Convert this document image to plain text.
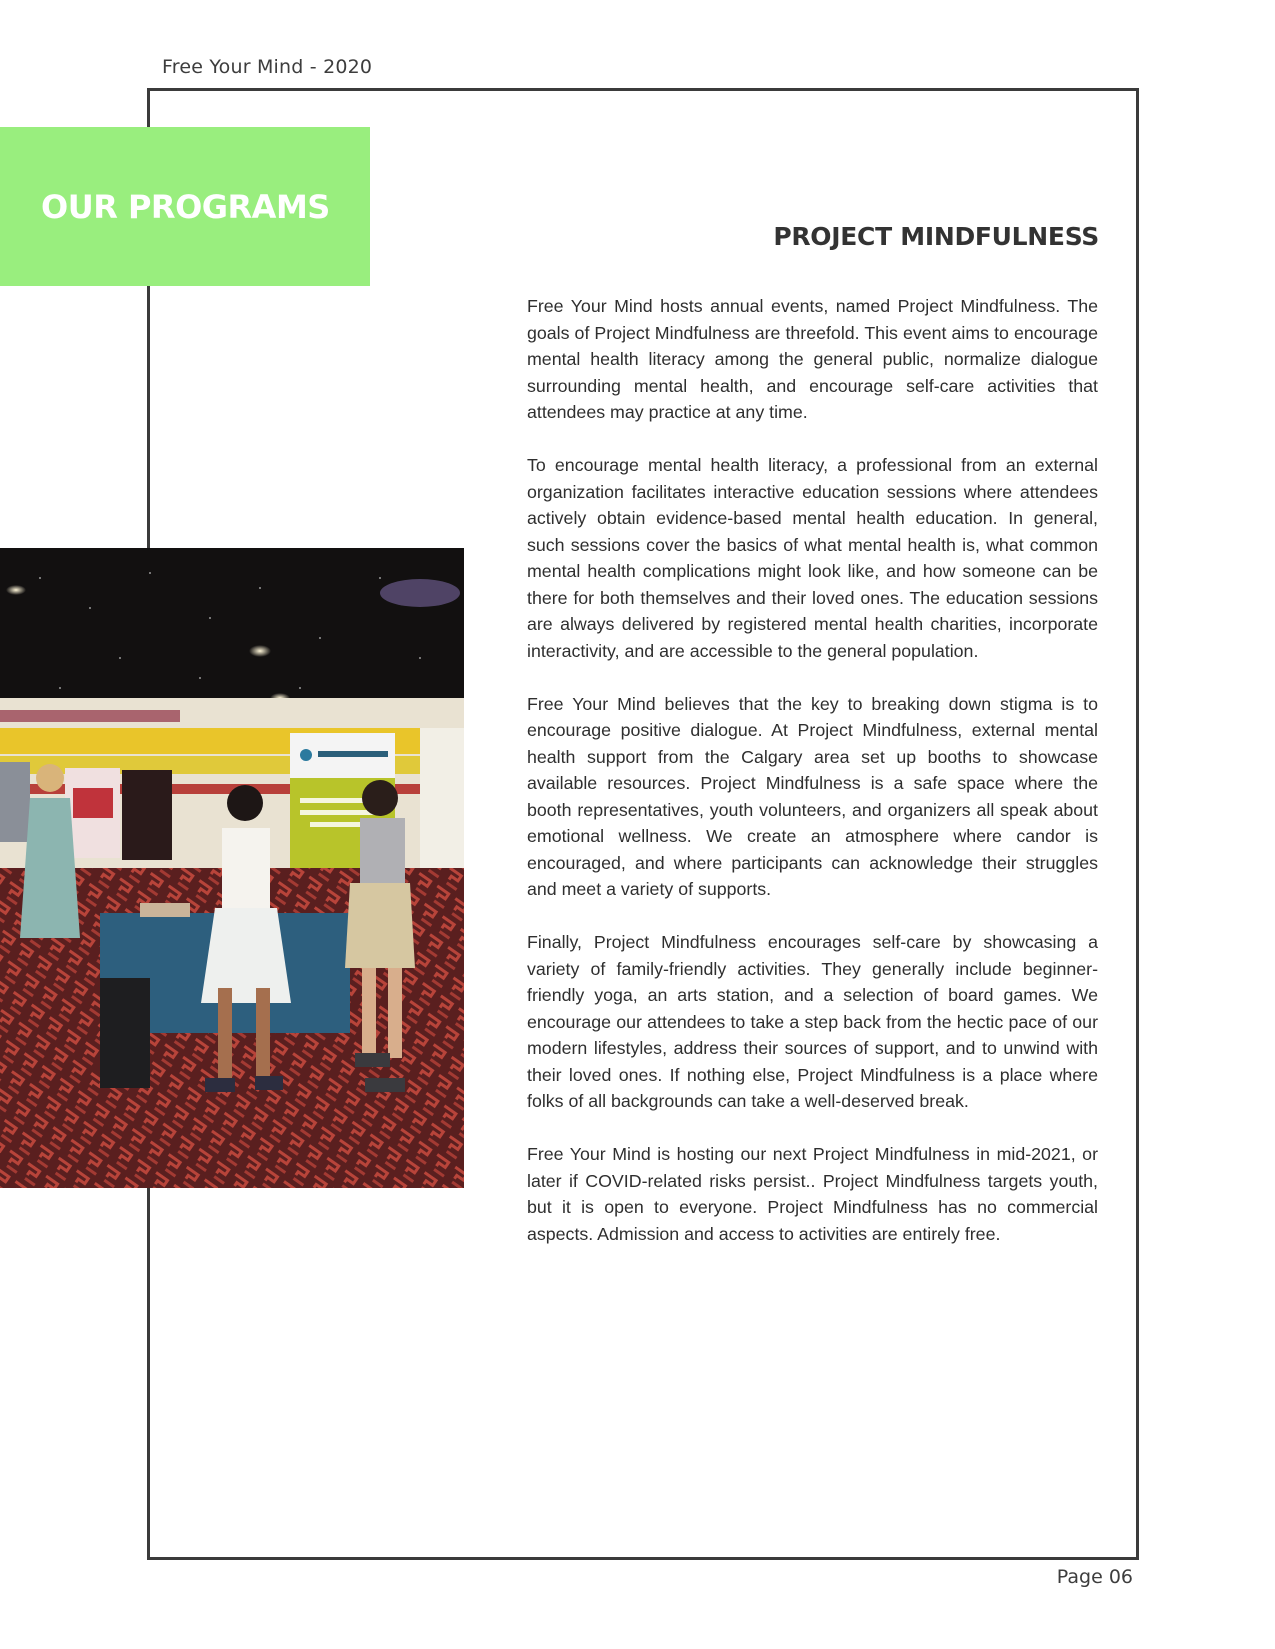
Free Your Mind - 2020
OUR PROGRAMS
PROJECT MINDFULNESS

Free Your Mind hosts annual events, named Project Mindfulness. The goals of Project Mindfulness are threefold. This event aims to encourage mental health literacy among the general public, normalize dialogue surrounding mental health, and encourage self-care activities that attendees may practice at any time.

To encourage mental health literacy, a professional from an external organization facilitates interactive education sessions where attendees actively obtain evidence-based mental health education. In general, such sessions cover the basics of what mental health is, what common mental health complications might look like, and how someone can be there for both themselves and their loved ones. The education sessions are always delivered by registered mental health charities, incorporate interactivity, and are accessible to the general population.

Free Your Mind believes that the key to breaking down stigma is to encourage positive dialogue. At Project Mindfulness, external mental health support from the Calgary area set up booths to showcase available resources. Project Mindfulness is a safe space where the booth representatives, youth volunteers, and organizers all speak about emotional wellness. We create an atmosphere where candor is encouraged, and where participants can acknowledge their struggles and meet a variety of supports.

Finally, Project Mindfulness encourages self-care by showcasing a variety of family-friendly activities. They generally include beginner-friendly yoga, an arts station, and a selection of board games. We encourage our attendees to take a step back from the hectic pace of our modern lifestyles, address their sources of support, and to unwind with their loved ones. If nothing else, Project Mindfulness is a place where folks of all backgrounds can take a well-deserved break.

Free Your Mind is hosting our next Project Mindfulness in mid-2021, or later if COVID-related risks persist.. Project Mindfulness targets youth, but it is open to everyone. Project Mindfulness has no commercial aspects. Admission and access to activities are entirely free.

Page 06
